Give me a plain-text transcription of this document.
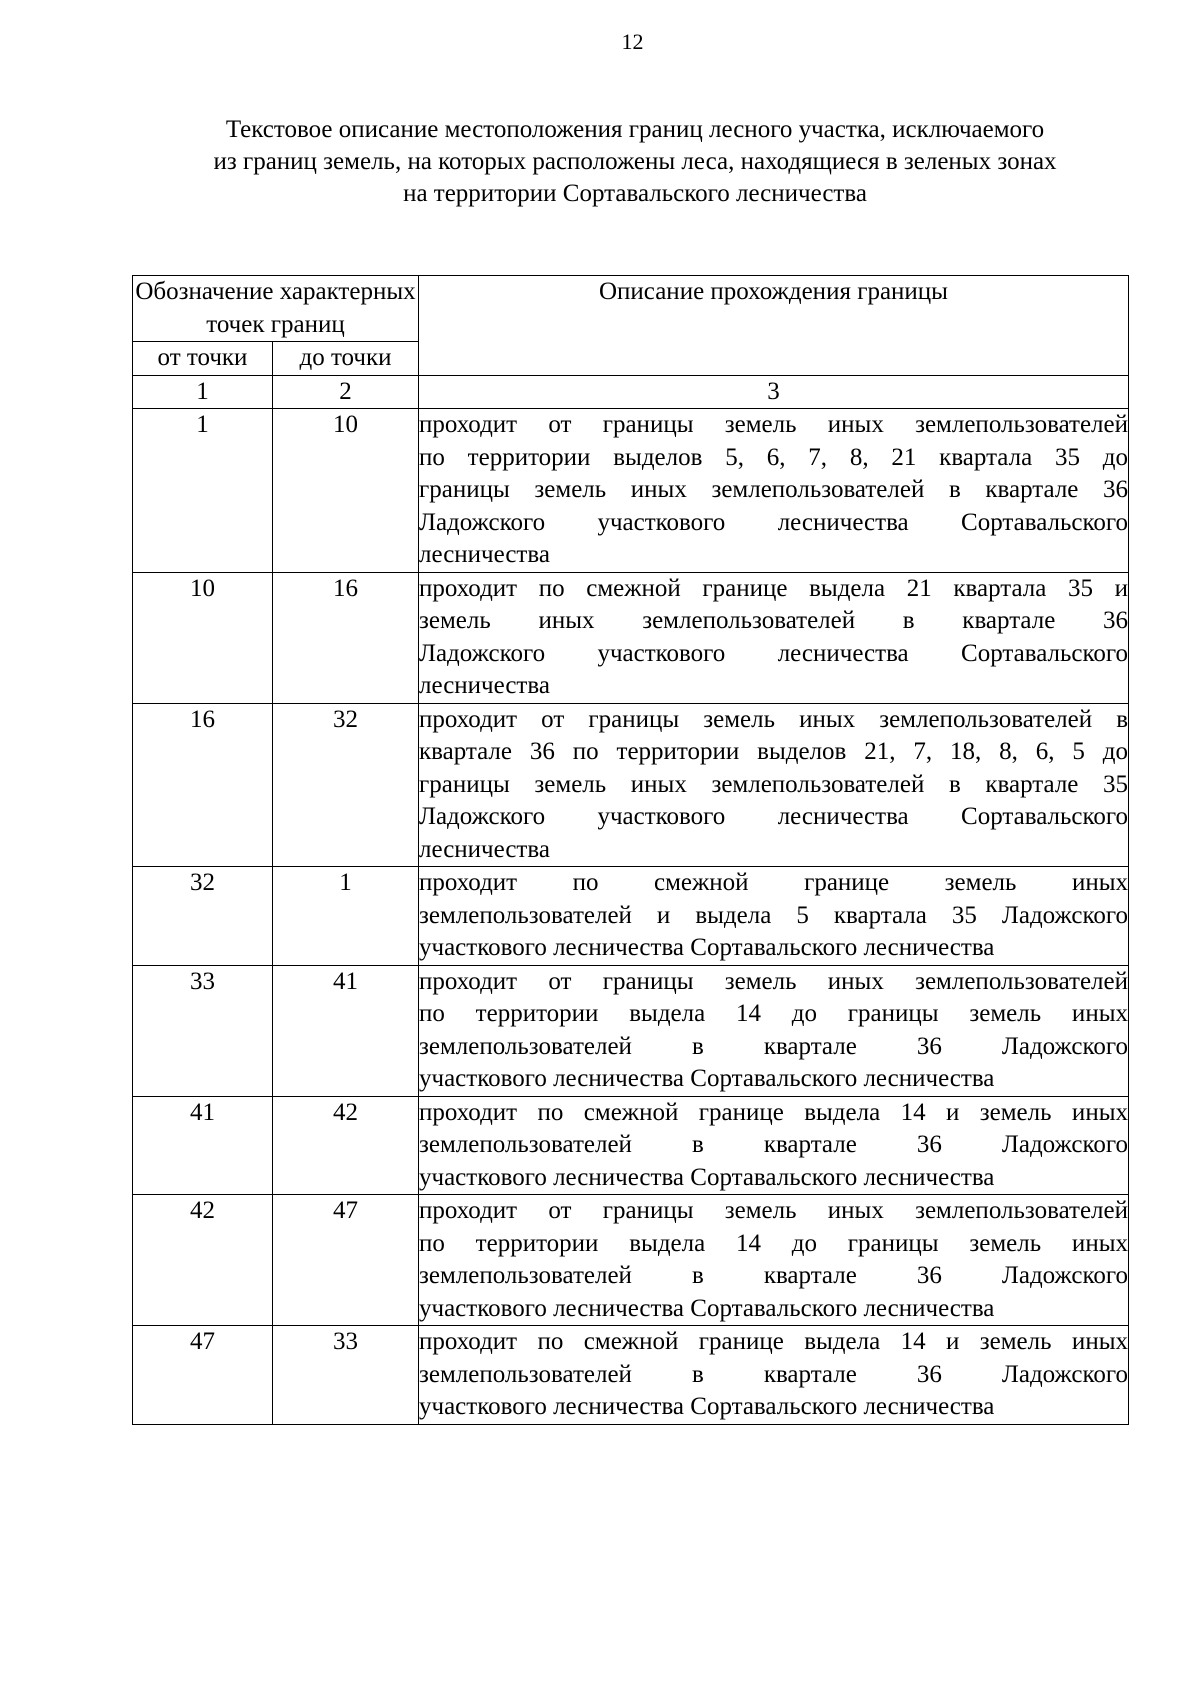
12
Текстовое описание местоположения границ лесного участка, исключаемого
из границ земель, на которых расположены леса, находящиеся в зеленых зонах
на территории Сортавальского лесничества
Обозначение характерных точек границ		Описание прохождения границы
от точки	до точки	
1	2	3
1	10	проходит от границы земель иных землепользователей
по территории выделов 5, 6, 7, 8, 21 квартала 35 до
границы земель иных землепользователей в квартале 36
Ладожского участкового лесничества Сортавальского
лесничества

10	16	проходит по смежной границе выдела 21 квартала 35 и
земель иных землепользователей в квартале 36
Ладожского участкового лесничества Сортавальского
лесничества

16	32	проходит от границы земель иных землепользователей в
квартале 36 по территории выделов 21, 7, 18, 8, 6, 5 до
границы земель иных землепользователей в квартале 35
Ладожского участкового лесничества Сортавальского
лесничества

32	1	проходит по смежной границе земель иных
землепользователей и выдела 5 квартала 35 Ладожского
участкового лесничества Сортавальского лесничества

33	41	проходит от границы земель иных землепользователей
по территории выдела 14 до границы земель иных
землепользователей в квартале 36 Ладожского
участкового лесничества Сортавальского лесничества

41	42	проходит по смежной границе выдела 14 и земель иных
землепользователей в квартале 36 Ладожского
участкового лесничества Сортавальского лесничества

42	47	проходит от границы земель иных землепользователей
по территории выдела 14 до границы земель иных
землепользователей в квартале 36 Ладожского
участкового лесничества Сортавальского лесничества

47	33	проходит по смежной границе выдела 14 и земель иных
землепользователей в квартале 36 Ладожского
участкового лесничества Сортавальского лесничества
